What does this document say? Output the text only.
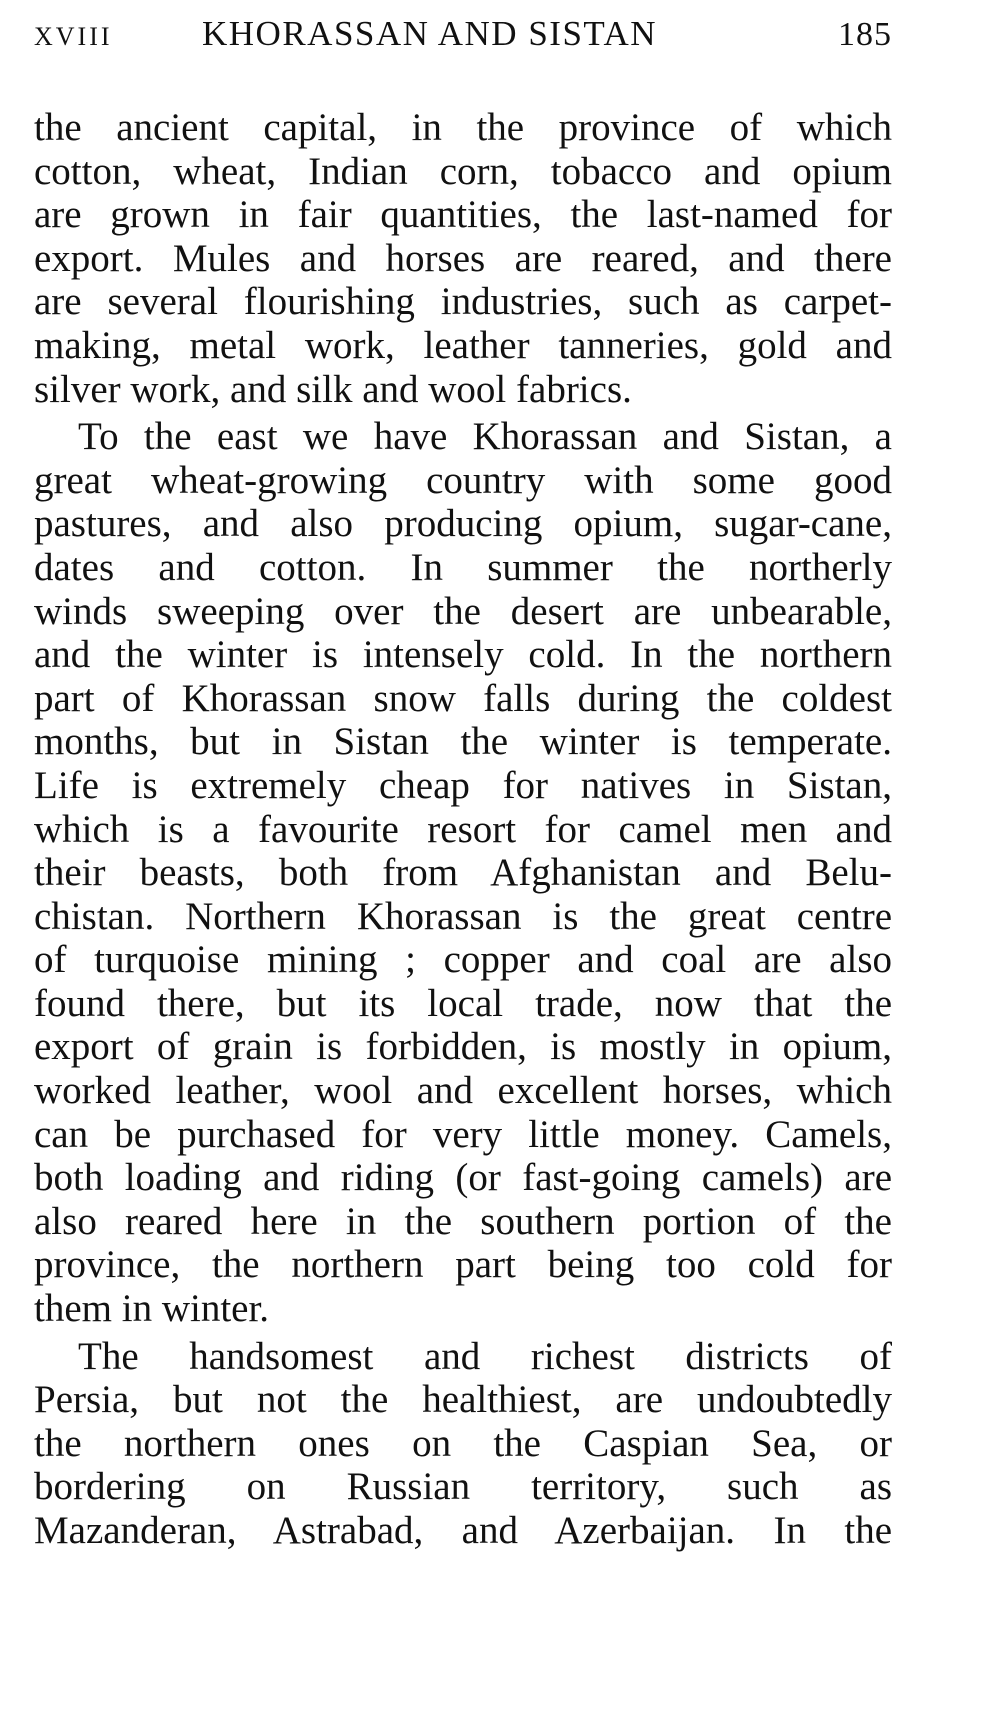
XVIII	KHORASSAN AND SISTAN	185
the ancient capital, in the province of which
cotton, wheat, Indian corn, tobacco and opium
are grown in fair quantities, the last-named for
export. Mules and horses are reared, and there
are several flourishing industries, such as carpet-
making, metal work, leather tanneries, gold and
silver work, and silk and wool fabrics.
To the east we have Khorassan and Sistan, a
great wheat-growing country with some good
pastures, and also producing opium, sugar-cane,
dates and cotton. In summer the northerly
winds sweeping over the desert are unbearable,
and the winter is intensely cold. In the northern
part of Khorassan snow falls during the coldest
months, but in Sistan the winter is temperate.
Life is extremely cheap for natives in Sistan,
which is a favourite resort for camel men and
their beasts, both from Afghanistan and Belu-
chistan. Northern Khorassan is the great centre
of turquoise mining ; copper and coal are also
found there, but its local trade, now that the
export of grain is forbidden, is mostly in opium,
worked leather, wool and excellent horses, which
can be purchased for very little money. Camels,
both loading and riding (or fast-going camels) are
also reared here in the southern portion of the
province, the northern part being too cold for
them in winter.
The handsomest and richest districts of
Persia, but not the healthiest, are undoubtedly
the northern ones on the Caspian Sea, or
bordering on Russian territory, such as
Mazanderan, Astrabad, and Azerbaijan. In the
